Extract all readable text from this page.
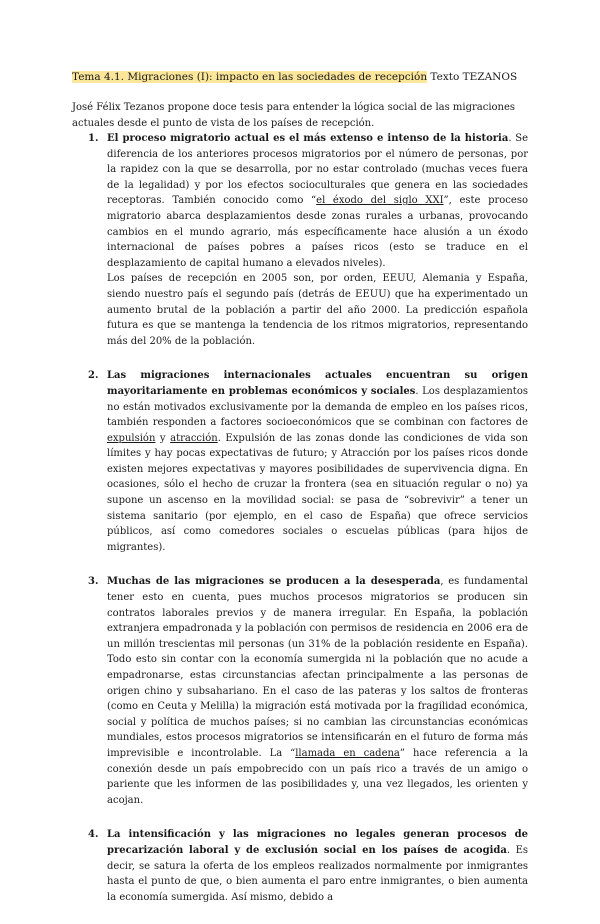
Tema 4.1. Migraciones (I): impacto en las sociedades de recepción Texto TEZANOS

José Félix Tezanos propone doce tesis para entender la lógica social de las migraciones actuales desde el punto de vista de los países de recepción.

1. El proceso migratorio actual es el más extenso e intenso de la historia. Se diferencia de los anteriores procesos migratorios por el número de personas, por la rapidez con la que se desarrolla, por no estar controlado (muchas veces fuera de la legalidad) y por los efectos socioculturales que genera en las sociedades receptoras. También conocido como “el éxodo del siglo XXI”, este proceso migratorio abarca desplazamientos desde zonas rurales a urbanas, provocando cambios en el mundo agrario, más específicamente hace alusión a un éxodo internacional de países pobres a países ricos (esto se traduce en el desplazamiento de capital humano a elevados niveles).

Los países de recepción en 2005 son, por orden, EEUU, Alemania y España, siendo nuestro país el segundo país (detrás de EEUU) que ha experimentado un aumento brutal de la población a partir del año 2000. La predicción española futura es que se mantenga la tendencia de los ritmos migratorios, representando más del 20% de la población.

2. Las migraciones internacionales actuales encuentran su origen mayoritariamente en problemas económicos y sociales. Los desplazamientos no están motivados exclusivamente por la demanda de empleo en los países ricos, también responden a factores socioeconómicos que se combinan con factores de expulsión y atracción. Expulsión de las zonas donde las condiciones de vida son límites y hay pocas expectativas de futuro; y Atracción por los países ricos donde existen mejores expectativas y mayores posibilidades de supervivencia digna. En ocasiones, sólo el hecho de cruzar la frontera (sea en situación regular o no) ya supone un ascenso en la movilidad social: se pasa de “sobrevivir” a tener un sistema sanitario (por ejemplo, en el caso de España) que ofrece servicios públicos, así como comedores sociales o escuelas públicas (para hijos de migrantes).

3. Muchas de las migraciones se producen a la desesperada, es fundamental tener esto en cuenta, pues muchos procesos migratorios se producen sin contratos laborales previos y de manera irregular. En España, la población extranjera empadronada y la población con permisos de residencia en 2006 era de un millón trescientas mil personas (un 31% de la población residente en España). Todo esto sin contar con la economía sumergida ni la población que no acude a empadronarse, estas circunstancias afectan principalmente a las personas de origen chino y subsahariano. En el caso de las pateras y los saltos de fronteras (como en Ceuta y Melilla) la migración está motivada por la fragilidad económica, social y política de muchos países; si no cambian las circunstancias económicas mundiales, estos procesos migratorios se intensificarán en el futuro de forma más imprevisible e incontrolable. La “llamada en cadena” hace referencia a la conexión desde un país empobrecido con un país rico a través de un amigo o pariente que les informen de las posibilidades y, una vez llegados, les orienten y acojan.

4. La intensificación y las migraciones no legales generan procesos de precarización laboral y de exclusión social en los países de acogida. Es decir, se satura la oferta de los empleos realizados normalmente por inmigrantes hasta el punto de que, o bien aumenta el paro entre inmigrantes, o bien aumenta la economía sumergida. Así mismo, debido a
